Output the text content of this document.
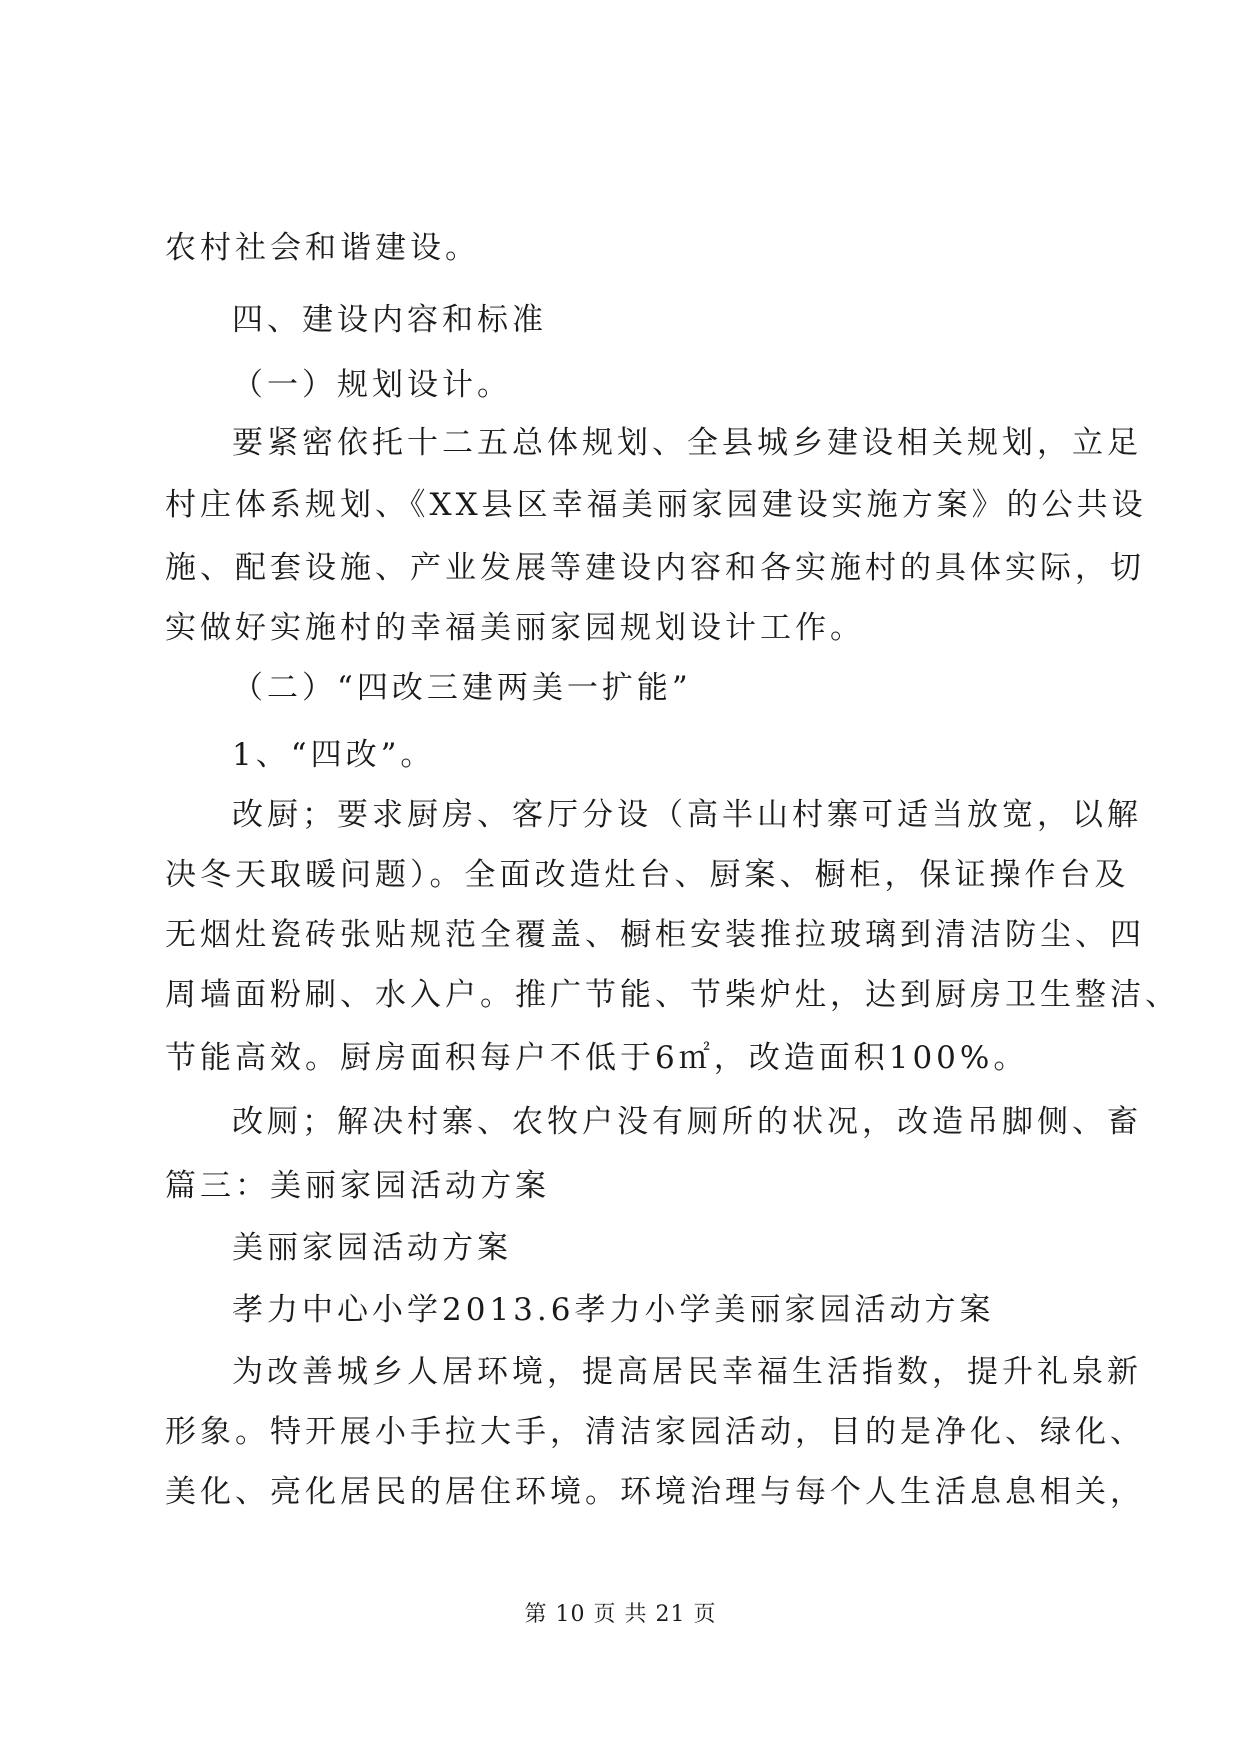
农村社会和谐建设。
四、建设内容和标准
（一）规划设计。
要紧密依托十二五总体规划、全县城乡建设相关规划，立足
村庄体系规划、《XX县区幸福美丽家园建设实施方案》的公共设
施、配套设施、产业发展等建设内容和各实施村的具体实际，切
实做好实施村的幸福美丽家园规划设计工作。
（二）“四改三建两美一扩能”
1、“四改”。
改厨；要求厨房、客厅分设（高半山村寨可适当放宽，以解
决冬天取暖问题）。全面改造灶台、厨案、橱柜，保证操作台及
无烟灶瓷砖张贴规范全覆盖、橱柜安装推拉玻璃到清洁防尘、四
周墙面粉刷、水入户。推广节能、节柴炉灶，达到厨房卫生整洁、
节能高效。厨房面积每户不低于6㎡，改造面积100%。
改厕；解决村寨、农牧户没有厕所的状况，改造吊脚侧、畜
篇三：美丽家园活动方案
美丽家园活动方案
孝力中心小学2013.6孝力小学美丽家园活动方案
为改善城乡人居环境，提高居民幸福生活指数，提升礼泉新
形象。特开展小手拉大手，清洁家园活动，目的是净化、绿化、
美化、亮化居民的居住环境。环境治理与每个人生活息息相关，
第 10 页 共 21 页
